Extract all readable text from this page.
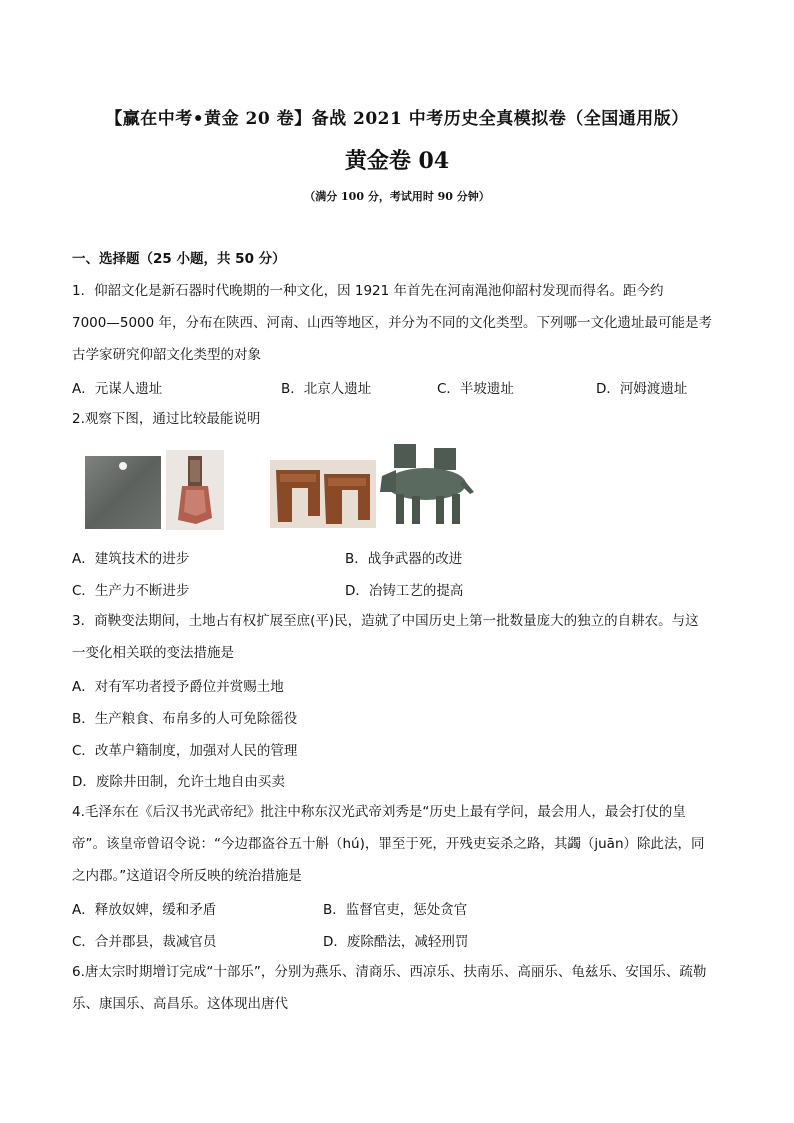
【赢在中考•黄金 20 卷】备战 2021 中考历史全真模拟卷（全国通用版）
黄金卷 04
（满分 100 分，考试用时 90 分钟）
一、选择题（25 小题，共 50 分）
1．仰韶文化是新石器时代晚期的一种文化，因 1921 年首先在河南渑池仰韶村发现而得名。距今约
7000—5000 年，分布在陕西、河南、山西等地区，并分为不同的文化类型。下列哪一文化遗址最可能是考
古学家研究仰韶文化类型的对象
A．元谋人遗址	B．北京人遗址	C．半坡遗址	D．河姆渡遗址
2.观察下图，通过比较最能说明
A．建筑技术的进步	B．战争武器的改进
C．生产力不断进步	D．冶铸工艺的提高
3．商鞅变法期间，土地占有权扩展至庶(平)民，造就了中国历史上第一批数量庞大的独立的自耕农。与这
一变化相关联的变法措施是
A．对有军功者授予爵位并赏赐土地
B．生产粮食、布帛多的人可免除徭役
C．改革户籍制度，加强对人民的管理
D．废除井田制，允许土地自由买卖
4.毛泽东在《后汉书光武帝纪》批注中称东汉光武帝刘秀是“历史上最有学问，最会用人，最会打仗的皇
帝”。该皇帝曾诏令说：“今边郡盗谷五十斛（hú)，罪至于死，开残吏妄杀之路，其蠲（juān）除此法，同
之内郡。”这道诏令所反映的统治措施是
A．释放奴婢，缓和矛盾	B．监督官吏，惩处贪官
C．合并郡县，裁减官员	D．废除酷法，减轻刑罚
6.唐太宗时期增订完成“十部乐”，分别为燕乐、清商乐、西凉乐、扶南乐、高丽乐、龟兹乐、安国乐、疏勒
乐、康国乐、高昌乐。这体现出唐代
